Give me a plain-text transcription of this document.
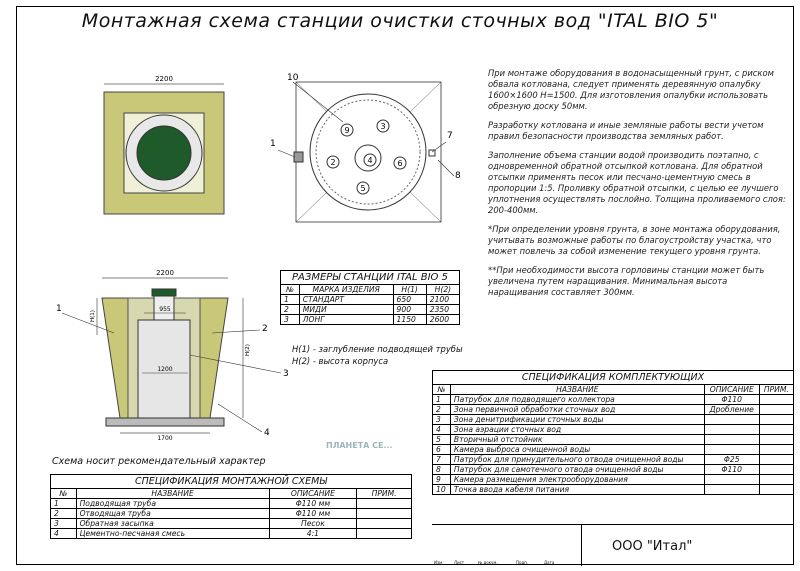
Монтажная схема станции очистки сточных вод "ITAL BIO 5"
2200
9	3
2	4	6
5
10
7
8
1
2200
955
1200
1700
H(1)
H(2)
1
2
3
4

При монтаже оборудования в водонасыщенный грунт, с риском обвала котлована, следует применять деревянную опалубку 1600×1600 Н=1500. Для изготовления опалубки использовать обрезную доску 50мм.

Разработку котлована и иные земляные работы вести учетом правил безопасности производства земляных работ.

Заполнение объема станции водой производить поэтапно, с одновременной обратной отсыпкой котлована. Для обратной отсыпки применять песок или песчано-цементную смесь в пропорции 1:5. Проливку обратной отсыпки, с целью ее лучшего уплотнения осуществлять послойно. Толщина проливаемого слоя: 200-400мм.

*При определении уровня грунта, в зоне монтажа оборудования, учитывать возможные работы по благоустройству участка, что может повлечь за собой изменение текущего уровня грунта.

**При необходимости высота горловины станции может быть увеличена путем наращивания. Минимальная высота наращивания составляет 300мм.

РАЗМЕРЫ СТАНЦИИ ITAL BIO 5
№	МАРКА ИЗДЕЛИЯ	Н(1)	Н(2)
1	СТАНДАРТ	650	2100
2	МИДИ	900	2350
3	ЛОНГ	1150	2600
Н(1) - заглубление подводящей трубы
Н(2) - высота корпуса
СПЕЦИФИКАЦИЯ КОМПЛЕКТУЮЩИХ
№	НАЗВАНИЕ	ОПИСАНИЕ	ПРИМ.
1	Патрубок для подводящего коллектора	Φ110	
2	Зона первичной обработки сточных вод	Дробление	
3	Зона денитрификации сточных воды		
4	Зона аэрации сточных вод		
5	Вторичный отстойник		
6	Камера выброса очищенной воды		
7	Патрубок для принудительного отвода очищенной воды	Φ25	
8	Патрубок для самотечного отвода очищенной воды	Φ110	
9	Камера размещения электрооборудования		
10	Точка ввода кабеля питания		
Схема носит рекомендательный характер
СПЕЦИФИКАЦИЯ МОНТАЖНОЙ СХЕМЫ
№	НАЗВАНИЕ	ОПИСАНИЕ	ПРИМ.
1	Подводящая труба	Φ110 мм	
2	Отводящая труба	Φ110 мм	
3	Обратная засыпка	Песок	
4	Цементно-песчаная смесь	4:1	
ПЛАНЕТА СЕ...
Изм.	Лист	№ докум.	Подп.	Дата
ООО "Итал"
